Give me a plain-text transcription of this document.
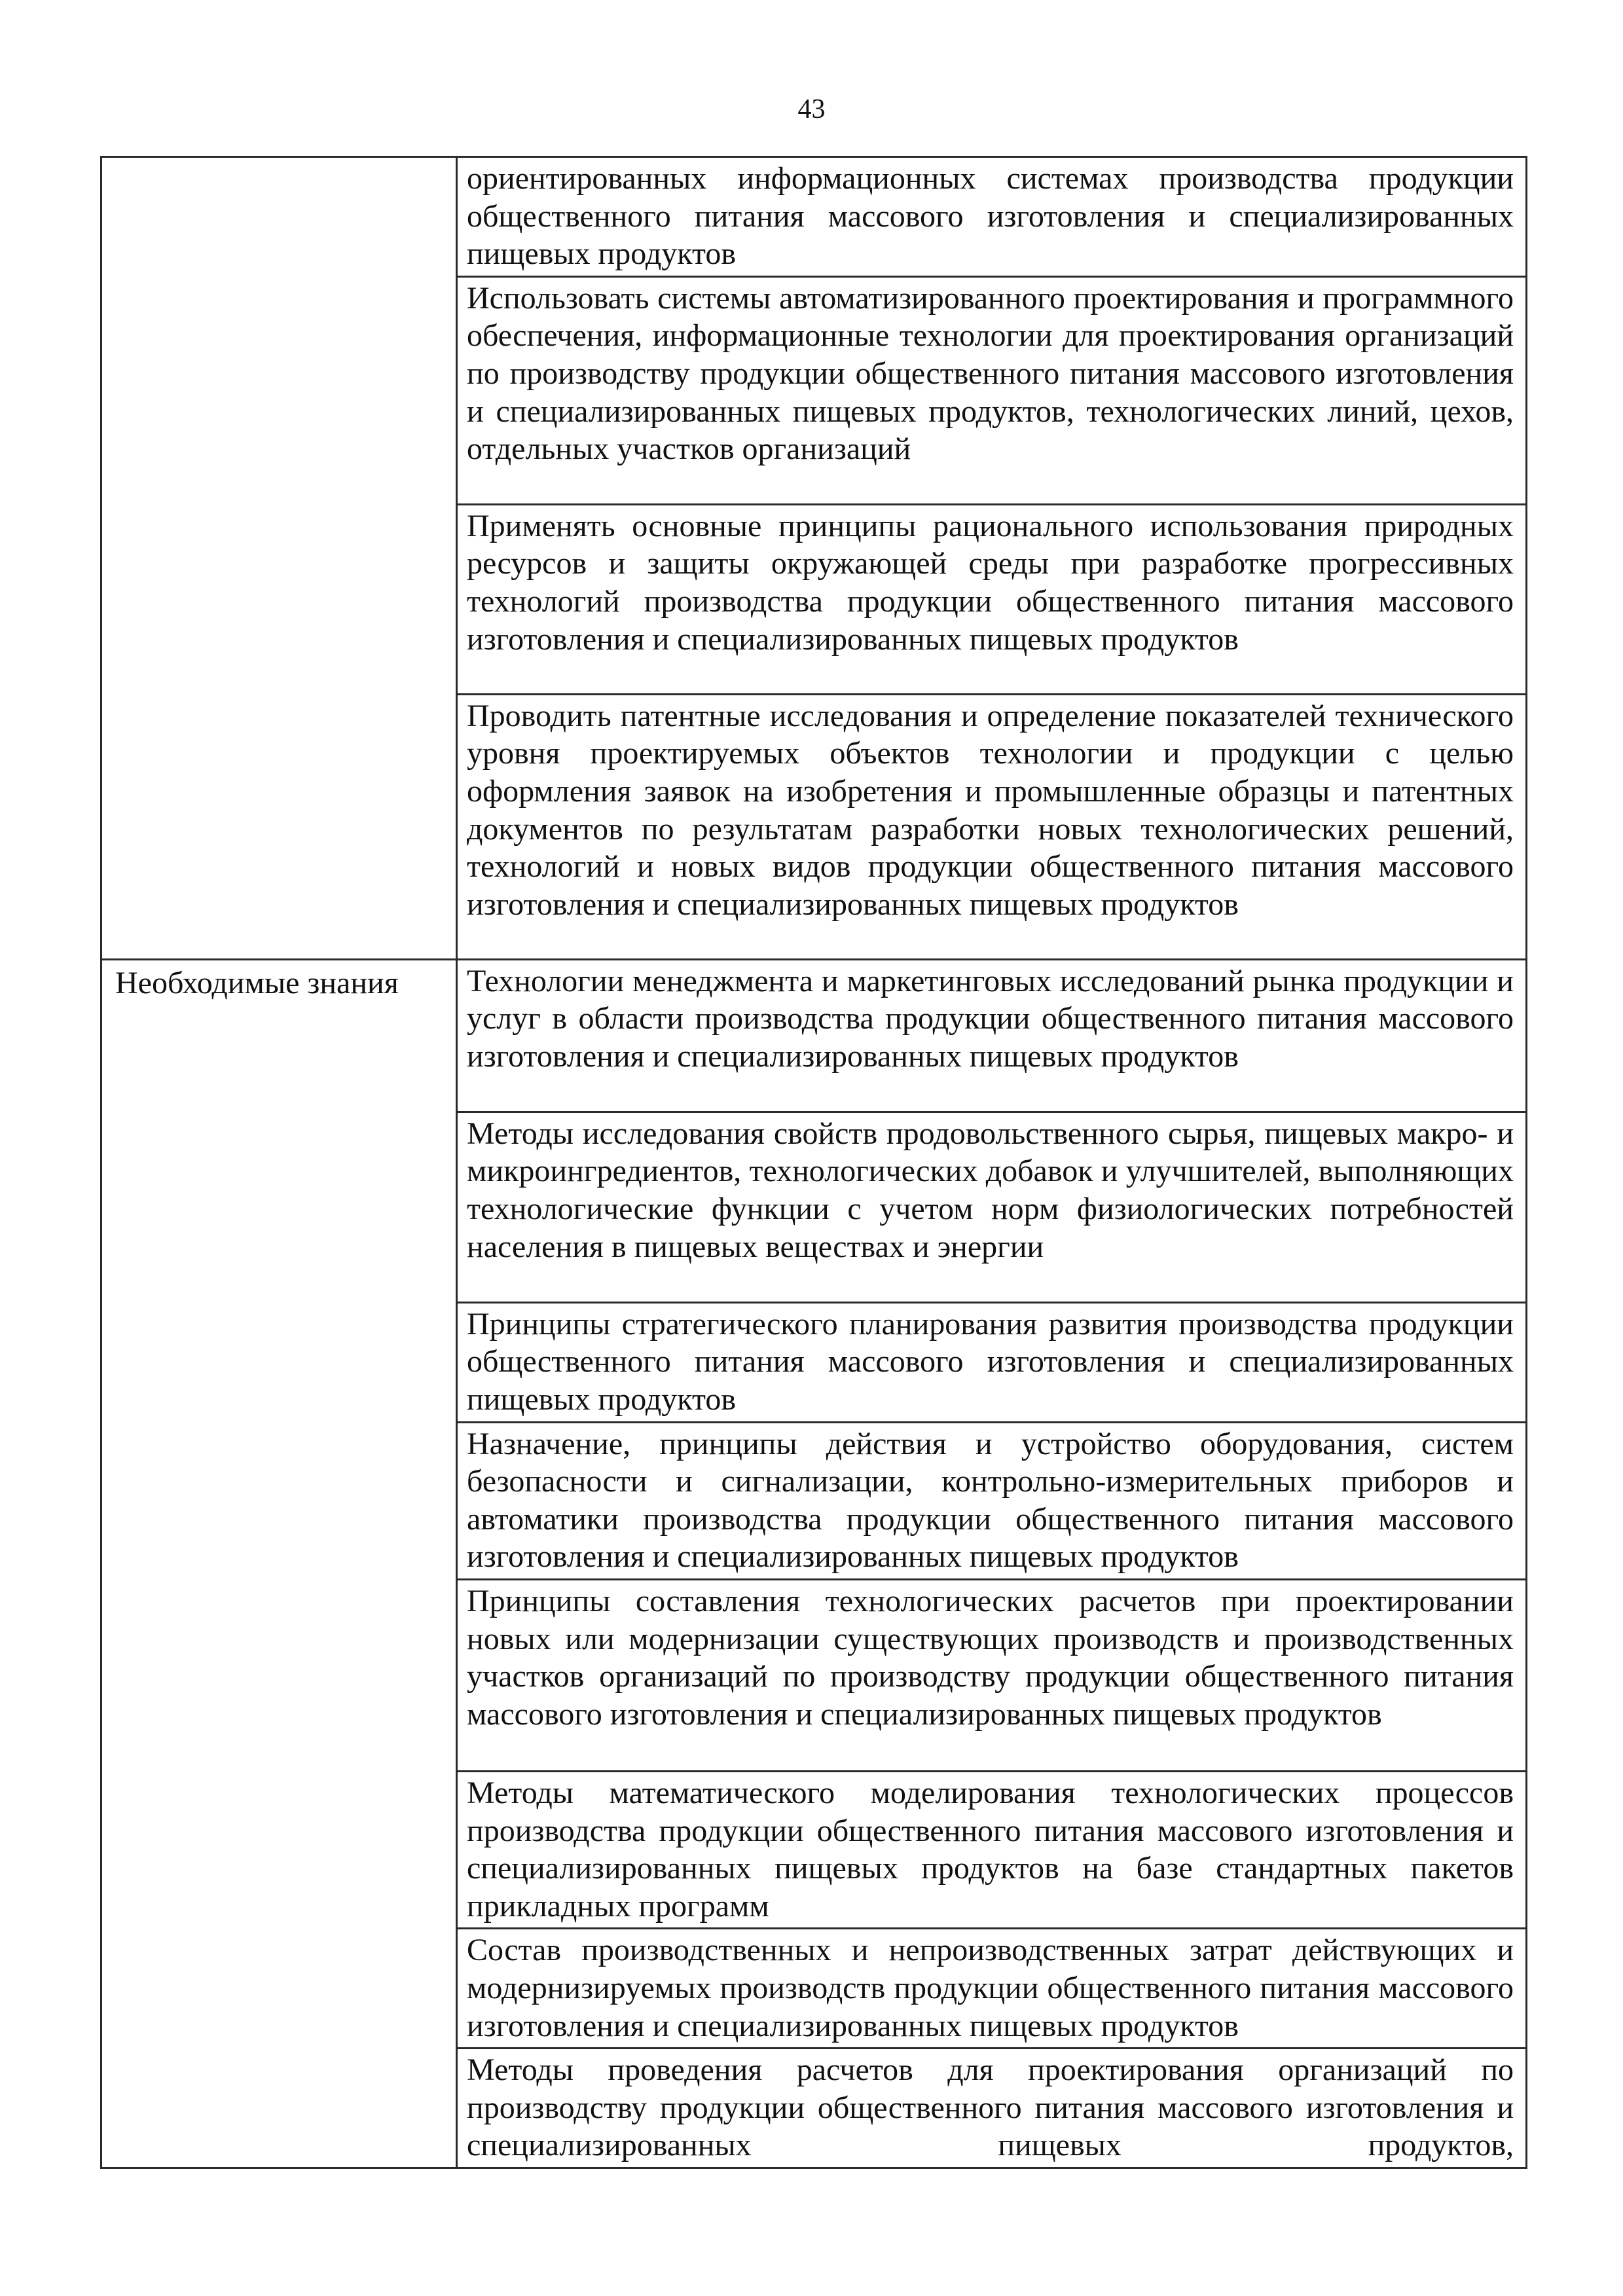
43

	ориентированных информационных системах производства продукции общественного питания массового изготовления и специализированных пищевых продуктов

	Использовать системы автоматизированного проектирования и программного обеспечения, информационные технологии для проектирования организаций по производству продукции общественного питания массового изготовления и специализированных пищевых продуктов, технологических линий, цехов, отдельных участков организаций

	Применять основные принципы рационального использования природных ресурсов и защиты окружающей среды при разработке прогрессивных технологий производства продукции общественного питания массового изготовления и специализированных пищевых продуктов

	Проводить патентные исследования и определение показателей технического уровня проектируемых объектов технологии и продукции с целью оформления заявок на изобретения и промышленные образцы и патентных документов по результатам разработки новых технологических решений, технологий и новых видов продукции общественного питания массового изготовления и специализированных пищевых продуктов

Необходимые знания	Технологии менеджмента и маркетинговых исследований рынка продукции и услуг в области производства продукции общественного питания массового изготовления и специализированных пищевых продуктов

	Методы исследования свойств продовольственного сырья, пищевых макро- и микроингредиентов, технологических добавок и улучшителей, выполняющих технологические функции с учетом норм физиологических потребностей населения в пищевых веществах и энергии

	Принципы стратегического планирования развития производства продукции общественного питания массового изготовления и специализированных пищевых продуктов

	Назначение, принципы действия и устройство оборудования, систем безопасности и сигнализации, контрольно-измерительных приборов и автоматики производства продукции общественного питания массового изготовления и специализированных пищевых продуктов

	Принципы составления технологических расчетов при проектировании новых или модернизации существующих производств и производственных участков организаций по производству продукции общественного питания массового изготовления и специализированных пищевых продуктов

	Методы математического моделирования технологических процессов производства продукции общественного питания массового изготовления и специализированных пищевых продуктов на базе стандартных пакетов прикладных программ

	Состав производственных и непроизводственных затрат действующих и модернизируемых производств продукции общественного питания массового изготовления и специализированных пищевых продуктов

	Методы проведения расчетов для проектирования организаций по производству продукции общественного питания массового изготовления и специализированных пищевых продуктов,
